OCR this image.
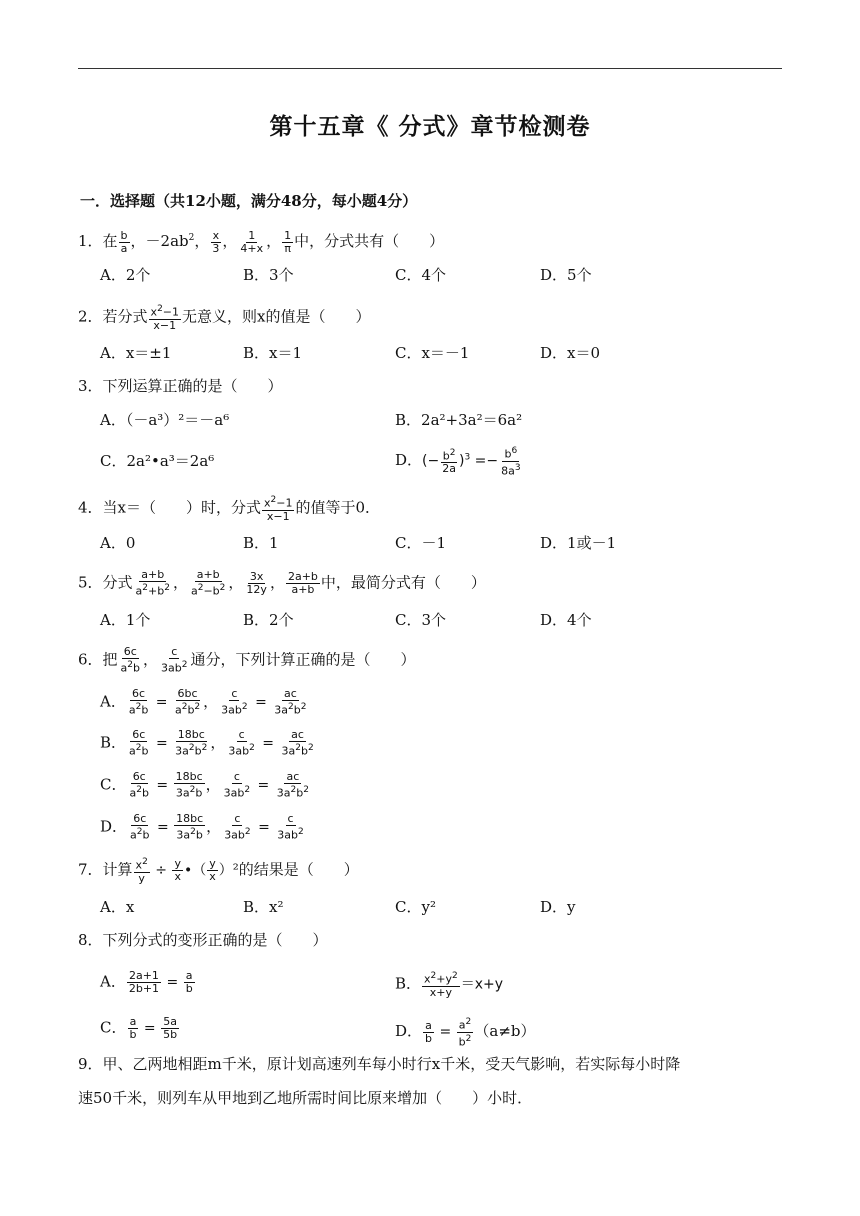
第十五章《 分式》章节检测卷
一．选择题（共12小题，满分48分，每小题4分）
1．在 $\frac{b}{a}$ ，$-2ab^2$， $\frac{x}{3}$ ， $\frac{1}{4+x}$ ， $\frac{1}{\pi}$ 中，分式共有（　　）
A．2个	B．3个	C．4个	D．5个
2．若分式 $\frac{x^2-1}{x-1}$ 无意义，则x的值是（　　）
A．x＝±1	B．x＝1	C．x＝－1	D．x＝0
3．下列运算正确的是（　　）
A．（－a³）²＝－a⁶	B．2a²+3a²＝6a²
C．2a²•a³＝2a⁶	D．(− $\frac{b^2}{2a} )^3 =- \frac{b^6}{8a^3}$
4．当x＝（　　）时，分式 $\frac{x^2-1}{x-1}$ 的值等于0．
A．0	B．1	C．－1	D．1或－1
5．分式 $\frac{a+b}{a^2+b^2}$ ， $\frac{a+b}{a^2-b^2}$ ， $\frac{3x}{12y}$ ， $\frac{2a+b}{a+b}$ 中，最简分式有（　　）
A．1个	B．2个	C．3个	D．4个
6．把 $\frac{6c}{a^2b}$ ， $\frac{c}{3ab^2}$ 通分，下列计算正确的是（　　）
A． $\frac{6c}{a^2b} = \frac{6bc}{a^2b^2}$ ， $\frac{c}{3ab^2} = \frac{ac}{3a^2b^2}$
B． $\frac{6c}{a^2b} = \frac{18bc}{3a^2b^2}$ ， $\frac{c}{3ab^2} = \frac{ac}{3a^2b^2}$
C． $\frac{6c}{a^2b} = \frac{18bc}{3a^2b}$ ， $\frac{c}{3ab^2} = \frac{ac}{3a^2b^2}$
D． $\frac{6c}{a^2b} = \frac{18bc}{3a^2b}$ ， $\frac{c}{3ab^2} = \frac{c}{3ab^2}$
7．计算 $\frac{x^2}{y} \div \frac{y}{x}$ •（ $\frac{y}{x} )^2$的结果是（　　）
A．x	B．x²	C．y²	D．y
8．下列分式的变形正确的是（　　）
A． $\frac{2a+1}{2b+1} = \frac{a}{b}$	B． $\frac{x^2+y^2}{x+y} =x+y$
C． $\frac{a}{b} = \frac{5a}{5b}$	D． $\frac{a}{b} = \frac{a^2}{b^2} (a\ne b)$
9．甲、乙两地相距m千米，原计划高速列车每小时行x千米，受天气影响，若实际每小时降
速50千米，则列车从甲地到乙地所需时间比原来增加（　　）小时．
